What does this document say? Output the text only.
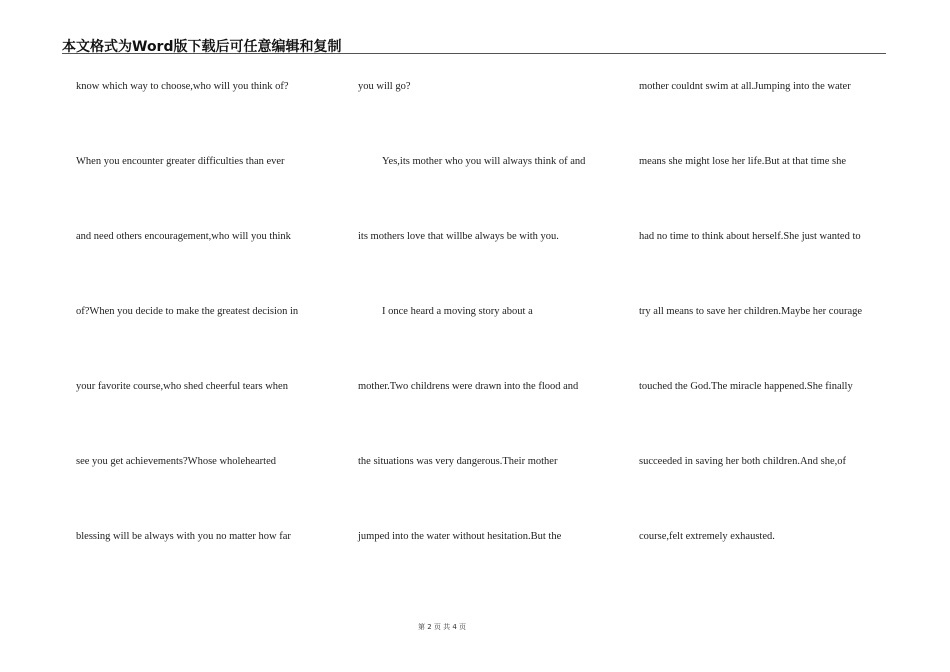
本文格式为Word版下载后可任意编辑和复制
know which way to choose,who will you think of?
When you encounter greater difficulties than ever
and need others encouragement,who will you think
of?When you decide to make the greatest decision in
your favorite course,who shed cheerful tears when
see you get achievements?Whose wholehearted
blessing will be always with you no matter how far
you will go?
Yes,its mother who you will always think of and
its mothers love that willbe always be with you.
I once heard a moving story about a
mother.Two childrens were drawn into the flood and
the situations was very dangerous.Their mother
jumped into the water without hesitation.But the
mother couldnt swim at all.Jumping into the water
means she might lose her life.But at that time she
had no time to think about herself.She just wanted to
try all means to save her children.Maybe her courage
touched the God.The miracle happened.She finally
succeeded in saving her both children.And she,of
course,felt extremely exhausted.
第 2 页 共 4 页
